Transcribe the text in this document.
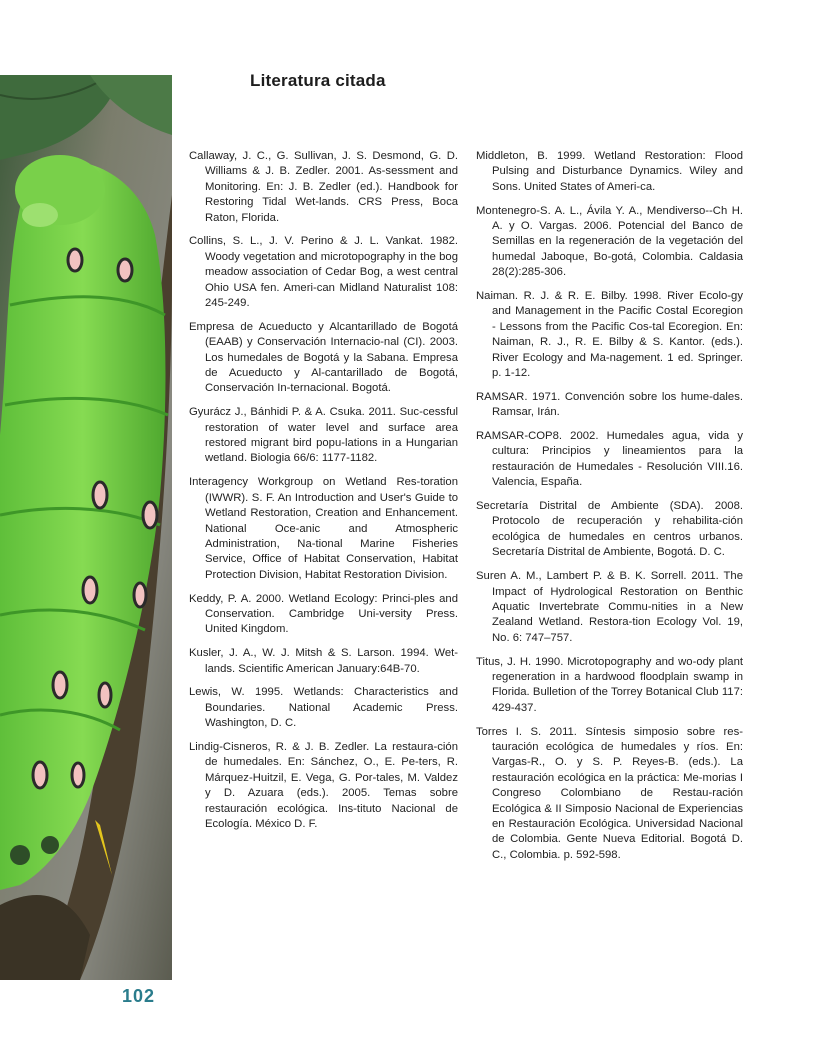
Literatura citada

Callaway, J. C., G. Sullivan, J. S. Desmond, G. D. Williams & J. B. Zedler. 2001. As-sessment and Monitoring. En: J. B. Zedler (ed.). Handbook for Restoring Tidal Wet-lands. CRS Press, Boca Raton, Florida.

Collins, S. L., J. V. Perino & J. L. Vankat. 1982. Woody vegetation and microtopography in the bog meadow association of Cedar Bog, a west central Ohio USA fen. Ameri-can Midland Naturalist 108: 245-249.

Empresa de Acueducto y Alcantarillado de Bogotá (EAAB) y Conservación Internacio-nal (CI). 2003. Los humedales de Bogotá y la Sabana. Empresa de Acueducto y Al-cantarillado de Bogotá, Conservación In-ternacional. Bogotá.

Gyurácz J., Bánhidi P. & A. Csuka. 2011. Suc-cessful restoration of water level and surface area restored migrant bird popu-lations in a Hungarian wetland. Biologia 66/6: 1177-1182.

Interagency Workgroup on Wetland Res-toration (IWWR). S. F. An Introduction and User's Guide to Wetland Restoration, Creation and Enhancement. National Oce-anic and Atmospheric Administration, Na-tional Marine Fisheries Service, Office of Habitat Conservation, Habitat Protection Division, Habitat Restoration Division.

Keddy, P. A. 2000. Wetland Ecology: Princi-ples and Conservation. Cambridge Uni-versity Press. United Kingdom.

Kusler, J. A., W. J. Mitsh & S. Larson. 1994. Wet-lands. Scientific American January:64B-70.

Lewis, W. 1995. Wetlands: Characteristics and Boundaries. National Academic Press. Washington, D. C.

Lindig-Cisneros, R. & J. B. Zedler. La restaura-ción de humedales. En: Sánchez, O., E. Pe-ters, R. Márquez-Huitzil, E. Vega, G. Por-tales, M. Valdez y D. Azuara (eds.). 2005. Temas sobre restauración ecológica. Ins-tituto Nacional de Ecología. México D. F.

Middleton, B. 1999. Wetland Restoration: Flood Pulsing and Disturbance Dynamics. Wiley and Sons. United States of Ameri-ca.

Montenegro-S. A. L., Ávila Y. A., Mendiverso--Ch H. A. y O. Vargas. 2006. Potencial del Banco de Semillas en la regeneración de la vegetación del humedal Jaboque, Bo-gotá, Colombia. Caldasia 28(2):285-306.

Naiman. R. J. & R. E. Bilby. 1998. River Ecolo-gy and Management in the Pacific Costal Ecoregion - Lessons from the Pacific Cos-tal Ecoregion. En: Naiman, R. J., R. E. Bilby & S. Kantor. (eds.). River Ecology and Ma-nagement. 1 ed. Springer. p. 1-12.

RAMSAR. 1971. Convención sobre los hume-dales. Ramsar, Irán.

RAMSAR-COP8. 2002. Humedales agua, vida y cultura: Principios y lineamientos para la restauración de Humedales - Resolución VIII.16. Valencia, España.

Secretaría Distrital de Ambiente (SDA). 2008. Protocolo de recuperación y rehabilita-ción ecológica de humedales en centros urbanos. Secretaría Distrital de Ambiente, Bogotá. D. C.

Suren A. M., Lambert P. & B. K. Sorrell. 2011. The Impact of Hydrological Restoration on Benthic Aquatic Invertebrate Commu-nities in a New Zealand Wetland. Restora-tion Ecology Vol. 19, No. 6: 747–757.

Titus, J. H. 1990. Microtopography and wo-ody plant regeneration in a hardwood floodplain swamp in Florida. Bulletion of the Torrey Botanical Club 117: 429-437.

Torres I. S. 2011. Síntesis simposio sobre res-tauración ecológica de humedales y ríos. En: Vargas-R., O. y S. P. Reyes-B. (eds.). La restauración ecológica en la práctica: Me-morias I Congreso Colombiano de Restau-ración Ecológica & II Simposio Nacional de Experiencias en Restauración Ecológica. Universidad Nacional de Colombia. Gente Nueva Editorial. Bogotá D. C., Colombia. p. 592-598.

102
